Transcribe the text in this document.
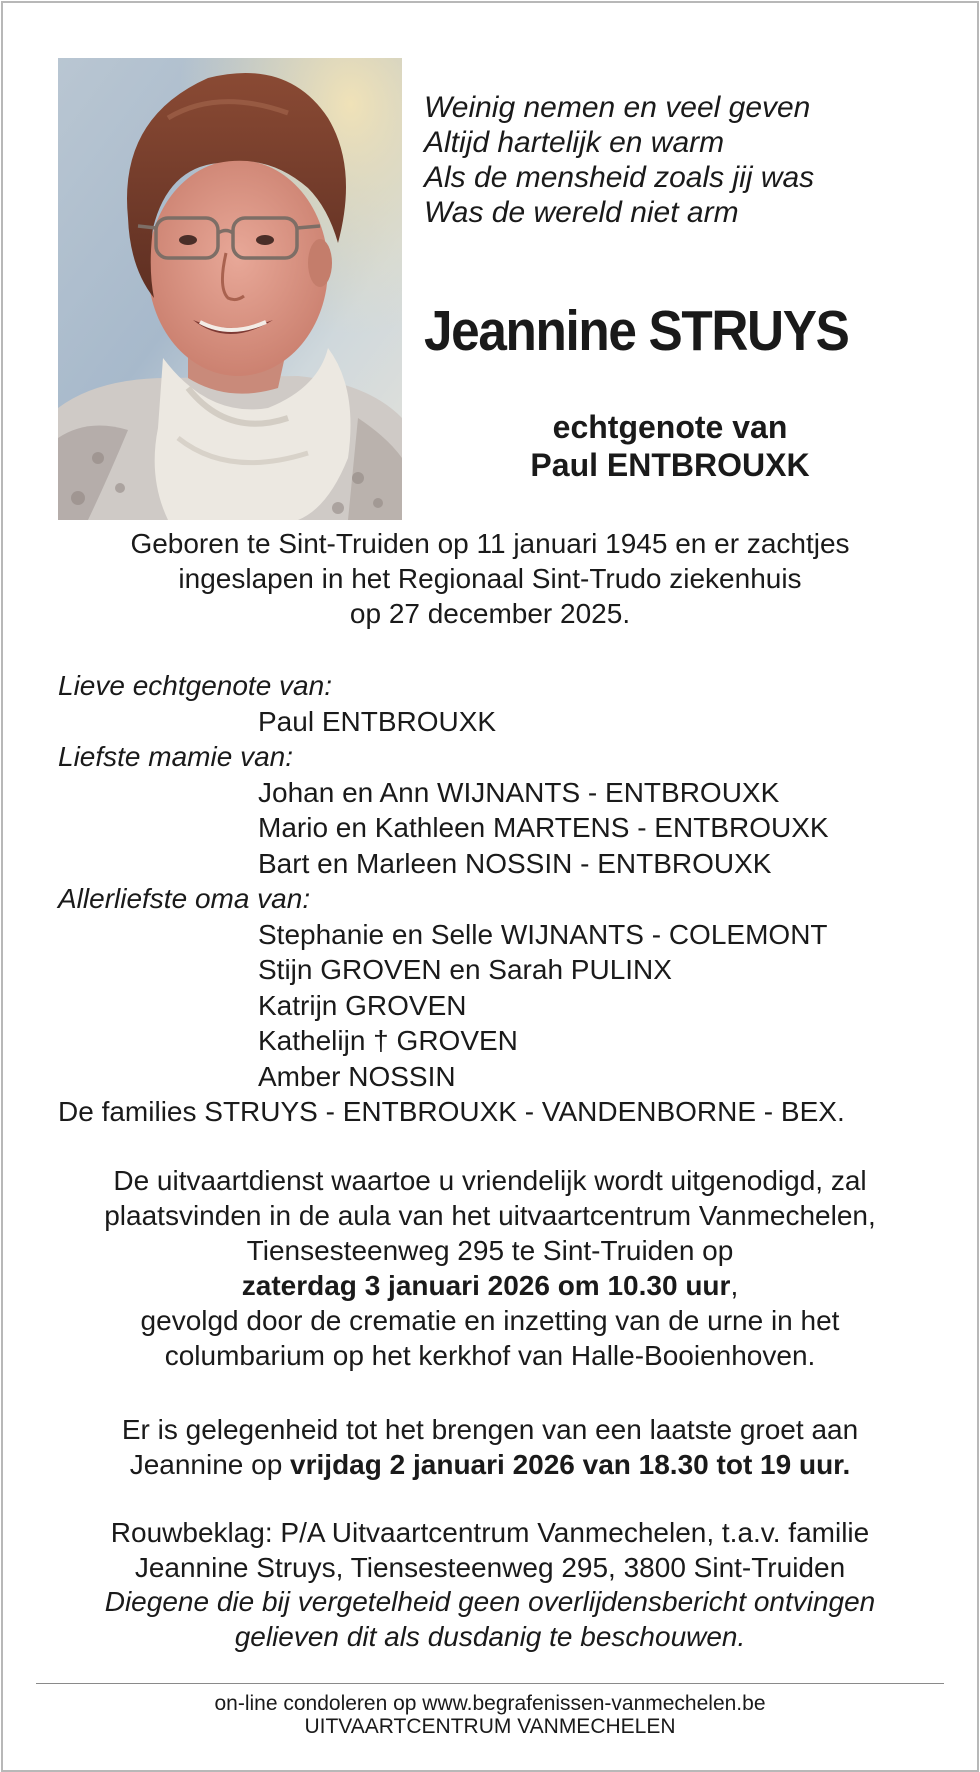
Weinig nemen en veel geven
Altijd hartelijk en warm
Als de mensheid zoals jij was
Was de wereld niet arm
Jeannine STRUYS
echtgenote van
Paul ENTBROUXK
Geboren te Sint-Truiden op 11 januari 1945 en er zachtjes
ingeslapen in het Regionaal Sint-Trudo ziekenhuis
op 27 december 2025.
Lieve echtgenote van:
Paul ENTBROUXK
Liefste mamie van:
Johan en Ann WIJNANTS - ENTBROUXK
Mario en Kathleen MARTENS - ENTBROUXK
Bart en Marleen NOSSIN - ENTBROUXK
Allerliefste oma van:
Stephanie en Selle WIJNANTS - COLEMONT
Stijn GROVEN en Sarah PULINX
Katrijn GROVEN
Kathelijn † GROVEN
Amber NOSSIN
De families STRUYS - ENTBROUXK - VANDENBORNE - BEX.
De uitvaartdienst waartoe u vriendelijk wordt uitgenodigd, zal
plaatsvinden in de aula van het uitvaartcentrum Vanmechelen,
Tiensesteenweg 295 te Sint-Truiden op
zaterdag 3 januari 2026 om 10.30 uur,
gevolgd door de crematie en inzetting van de urne in het
columbarium op het kerkhof van Halle-Booienhoven.
Er is gelegenheid tot het brengen van een laatste groet aan
Jeannine op vrijdag 2 januari 2026 van 18.30 tot 19 uur.
Rouwbeklag: P/A Uitvaartcentrum Vanmechelen, t.a.v. familie
Jeannine Struys, Tiensesteenweg 295, 3800 Sint-Truiden
Diegene die bij vergetelheid geen overlijdensbericht ontvingen
gelieven dit als dusdanig te beschouwen.
on-line condoleren op www.begrafenissen-vanmechelen.be
UITVAARTCENTRUM VANMECHELEN
